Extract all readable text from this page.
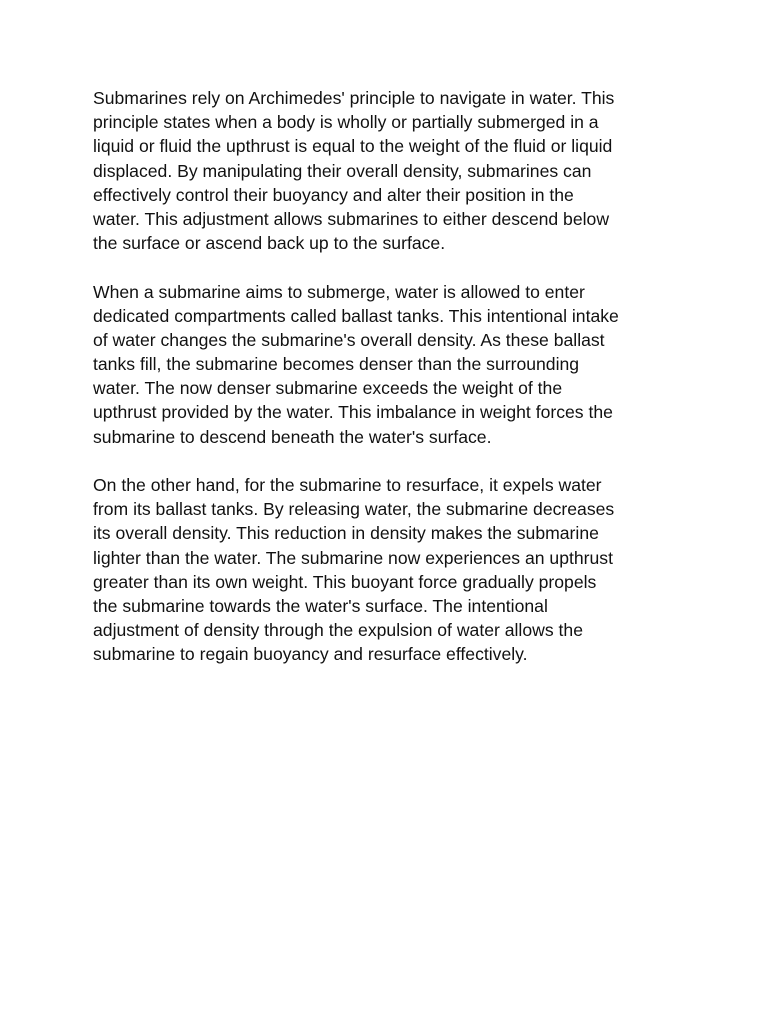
Submarines rely on Archimedes' principle to navigate in water. This
principle states when a body is wholly or partially submerged in a
liquid or fluid the upthrust is equal to the weight of the fluid or liquid
displaced. By manipulating their overall density, submarines can
effectively control their buoyancy and alter their position in the
water. This adjustment allows submarines to either descend below
the surface or ascend back up to the surface.

When a submarine aims to submerge, water is allowed to enter
dedicated compartments called ballast tanks. This intentional intake
of water changes the submarine's overall density. As these ballast
tanks fill, the submarine becomes denser than the surrounding
water. The now denser submarine exceeds the weight of the
upthrust provided by the water. This imbalance in weight forces the
submarine to descend beneath the water's surface.

On the other hand, for the submarine to resurface, it expels water
from its ballast tanks. By releasing water, the submarine decreases
its overall density. This reduction in density makes the submarine
lighter than the water. The submarine now experiences an upthrust
greater than its own weight. This buoyant force gradually propels
the submarine towards the water's surface. The intentional
adjustment of density through the expulsion of water allows the
submarine to regain buoyancy and resurface effectively.
